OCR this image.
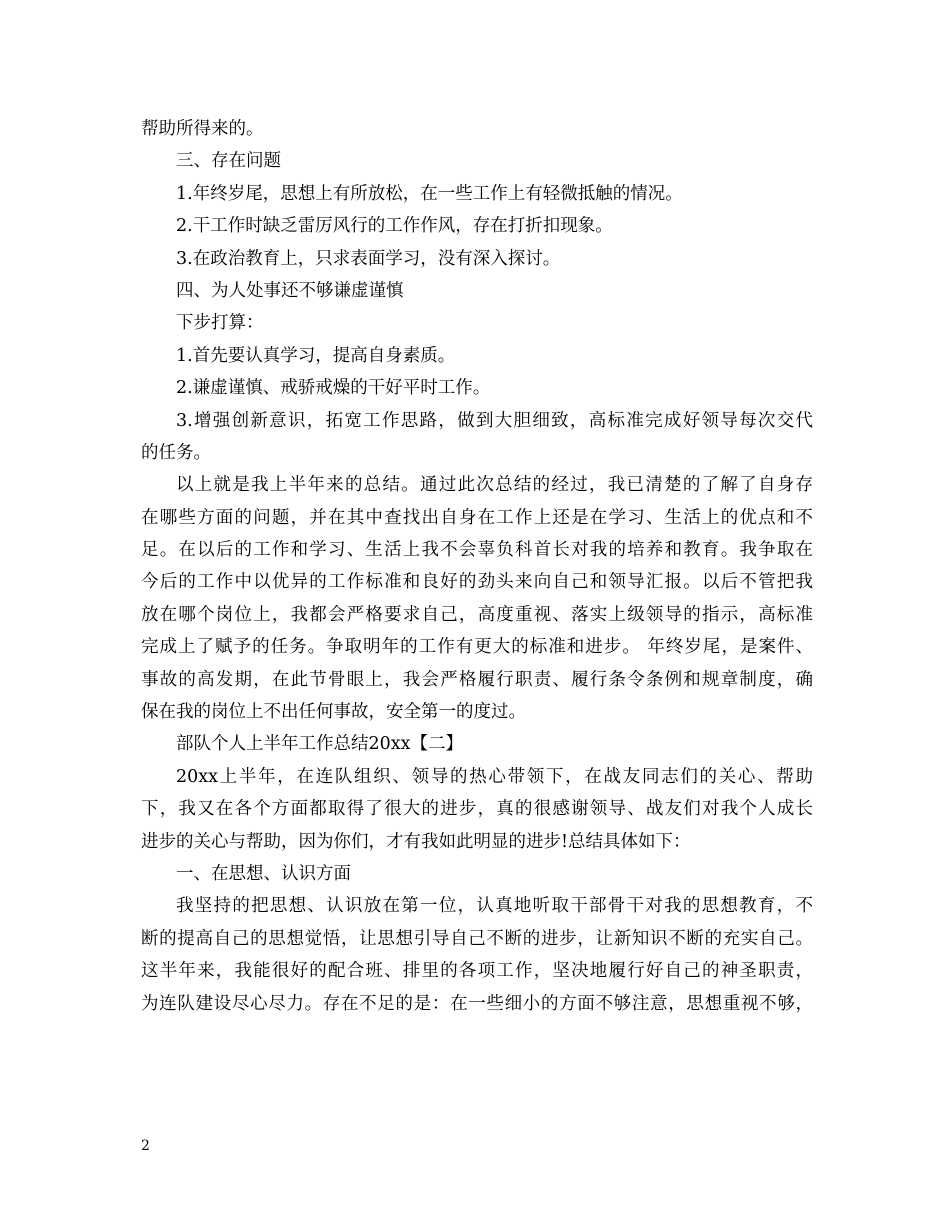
帮助所得来的。
三、存在问题
1.年终岁尾，思想上有所放松，在一些工作上有轻微抵触的情况。
2.干工作时缺乏雷厉风行的工作作风，存在打折扣现象。
3.在政治教育上，只求表面学习，没有深入探讨。
四、为人处事还不够谦虚谨慎
下步打算：
1.首先要认真学习，提高自身素质。
2.谦虚谨慎、戒骄戒燥的干好平时工作。
3.增强创新意识，拓宽工作思路，做到大胆细致，高标准完成好领导每次交代
的任务。
以上就是我上半年来的总结。通过此次总结的经过，我已清楚的了解了自身存
在哪些方面的问题，并在其中查找出自身在工作上还是在学习、生活上的优点和不
足。在以后的工作和学习、生活上我不会辜负科首长对我的培养和教育。我争取在
今后的工作中以优异的工作标准和良好的劲头来向自己和领导汇报。以后不管把我
放在哪个岗位上，我都会严格要求自己，高度重视、落实上级领导的指示，高标准
完成上了赋予的任务。争取明年的工作有更大的标准和进步。 年终岁尾，是案件、
事故的高发期，在此节骨眼上，我会严格履行职责、履行条令条例和规章制度，确
保在我的岗位上不出任何事故，安全第一的度过。
部队个人上半年工作总结20xx【二】
20xx上半年，在连队组织、领导的热心带领下，在战友同志们的关心、帮助
下，我又在各个方面都取得了很大的进步，真的很感谢领导、战友们对我个人成长
进步的关心与帮助，因为你们，才有我如此明显的进步!总结具体如下：
一、在思想、认识方面
我坚持的把思想、认识放在第一位，认真地听取干部骨干对我的思想教育，不
断的提高自己的思想觉悟，让思想引导自己不断的进步，让新知识不断的充实自己。
这半年来，我能很好的配合班、排里的各项工作，坚决地履行好自己的神圣职责，
为连队建设尽心尽力。存在不足的是：在一些细小的方面不够注意，思想重视不够，
2
